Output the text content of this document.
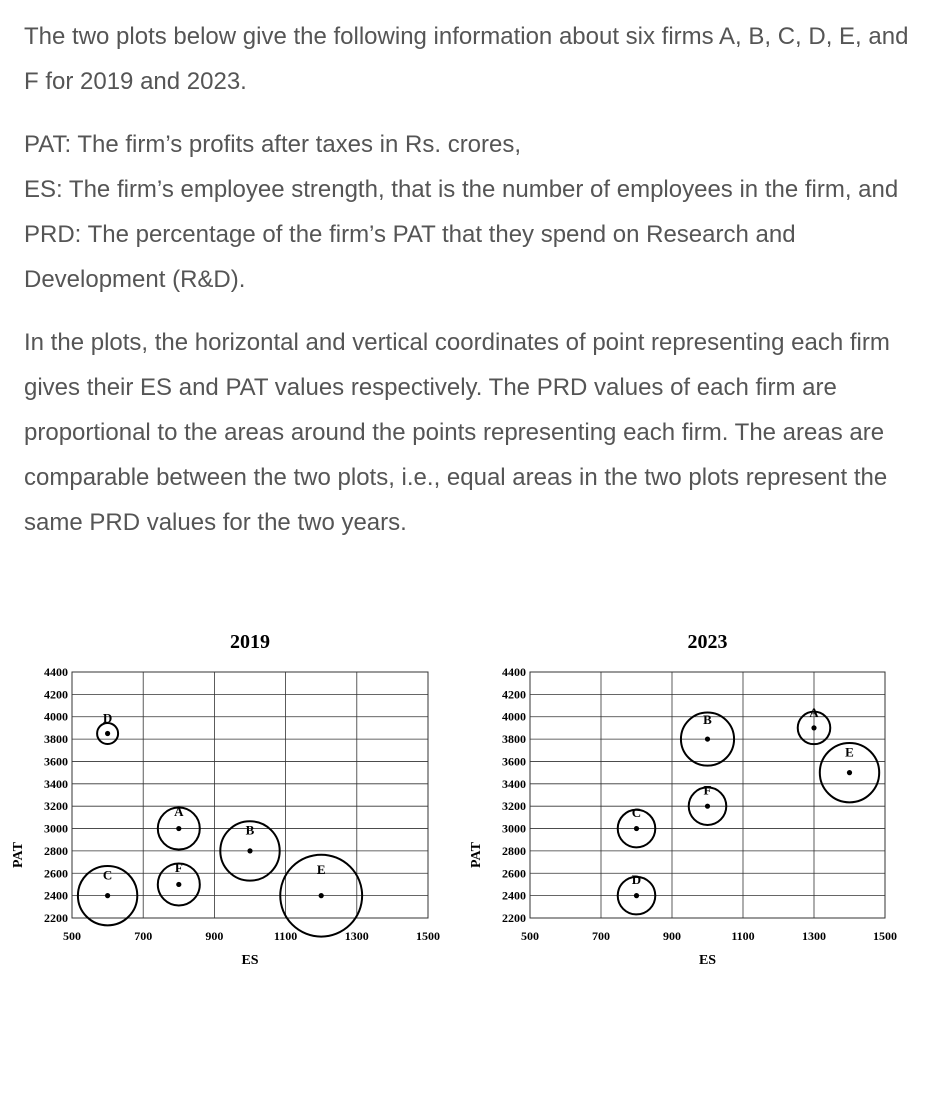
The two plots below give the following information about six firms A, B, C, D, E, and F for 2019 and 2023.

PAT: The firm’s profits after taxes in Rs. crores,
ES: The firm’s employee strength, that is the number of employees in the firm, and
PRD: The percentage of the firm’s PAT that they spend on Research and Development (R&D).

In the plots, the horizontal and vertical coordinates of point representing each firm gives their ES and PAT values respectively. The PRD values of each firm are proportional to the areas around the points representing each firm. The areas are comparable between the two plots, i.e., equal areas in the two plots represent the same PRD values for the two years.

2200
2400
2600
2800
3000
3200
3400
3600
3800
4000
4200
4400
500	700	900	1100	1300	1500
2019
ES
PAT
A
B
C
D
E
F
2200
2400
2600
2800
3000
3200
3400
3600
3800
4000
4200
4400
500	700	900	1100	1300	1500
2023
ES
PAT
A
B
C
D
E
F
